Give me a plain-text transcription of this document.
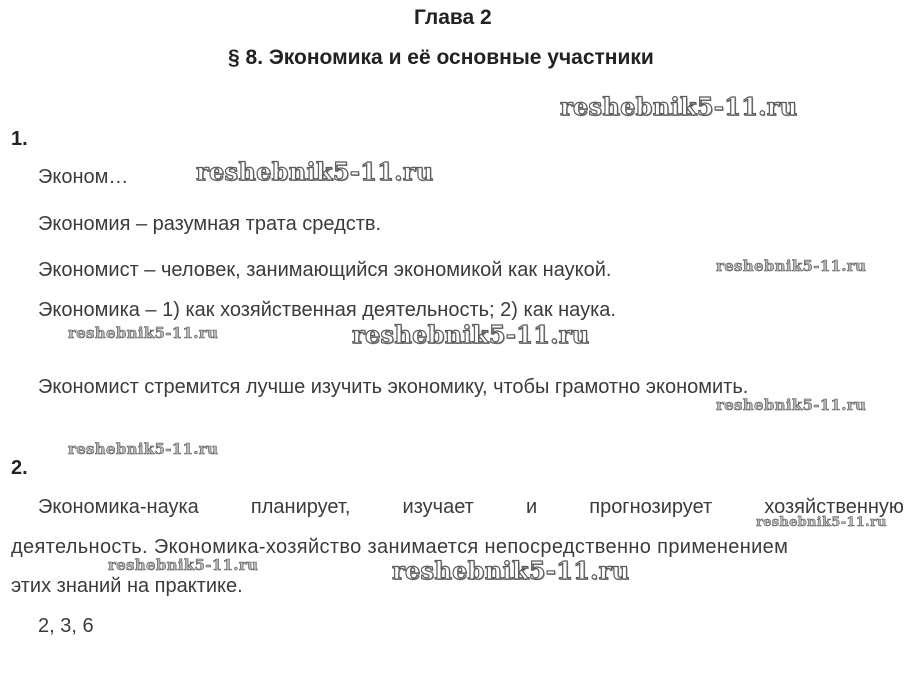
Глава 2
§ 8. Экономика и её основные участники
1.
Эконом…
Экономия – разумная трата средств.
Экономист – человек, занимающийся экономикой как наукой.
Экономика – 1) как хозяйственная деятельность; 2) как наука.
Экономист стремится лучше изучить экономику, чтобы грамотно экономить.
2.
Экономика-наука	планирует,	изучает	и	прогнозирует	хозяйственную
деятельность. Экономика-хозяйство занимается непосредственно применением
этих знаний на практике.
2, 3, 6
reshebnik5-11.ru
reshebnik5-11.ru
reshebnik5-11.ru
reshebnik5-11.ru	reshebnik5-11.ru
reshebnik5-11.ru
reshebnik5-11.ru
reshebnik5-11.ru
reshebnik5-11.ru
reshebnik5-11.ru
